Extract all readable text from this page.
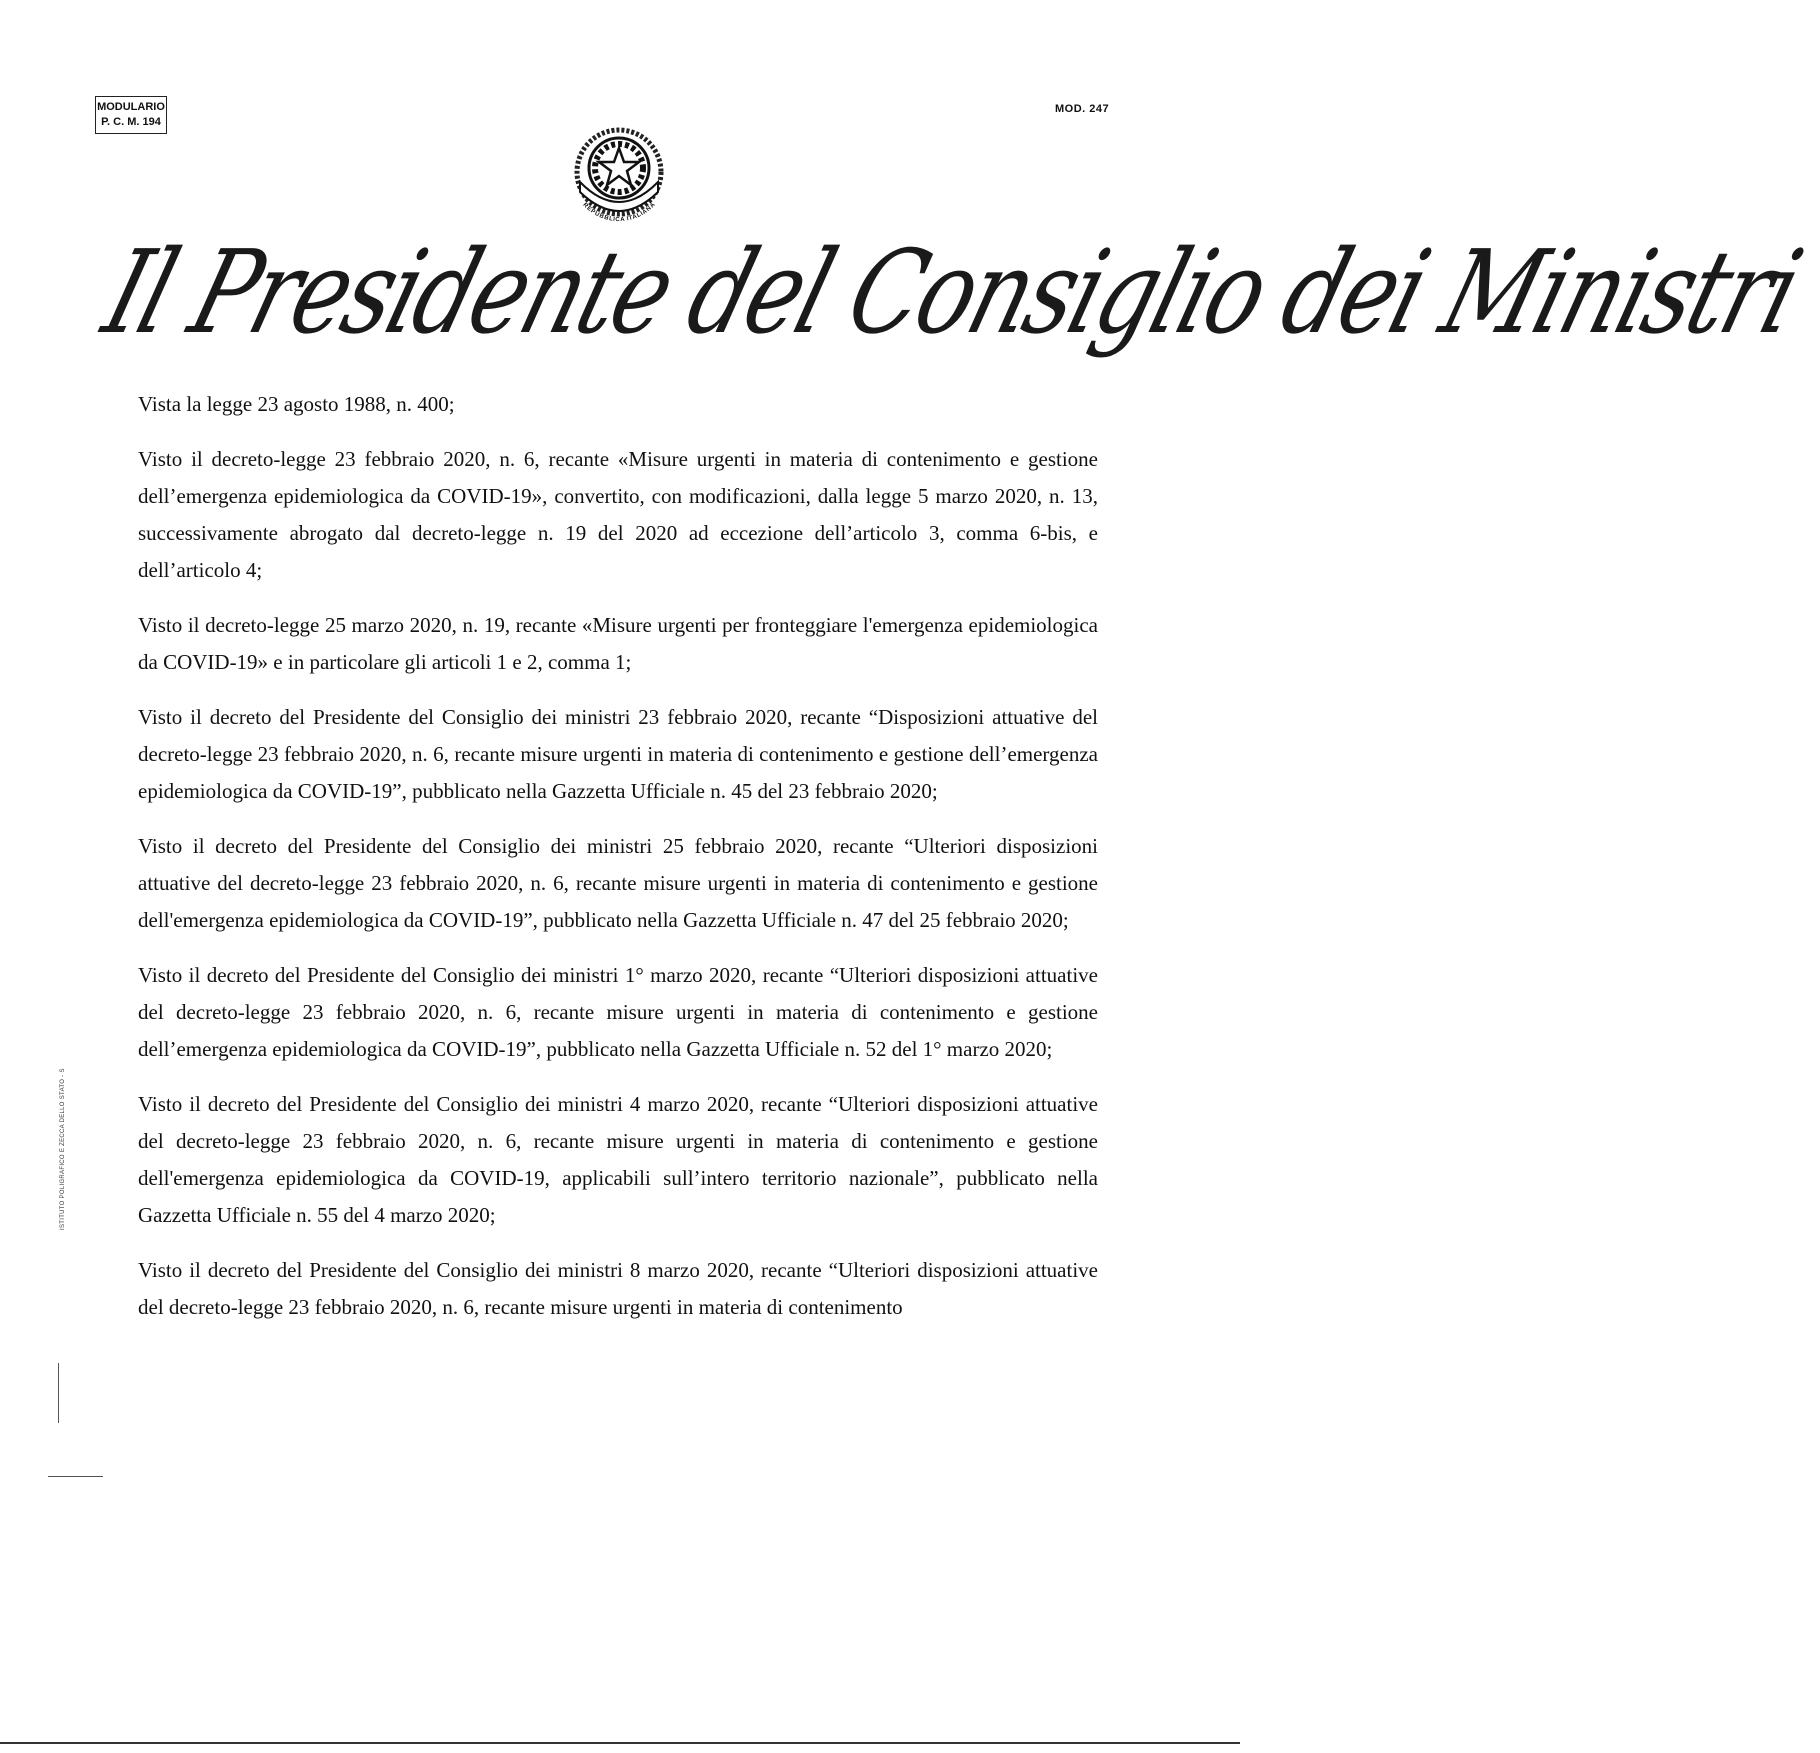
MODULARIO
P. C. M. 194
MOD. 247
REPUBBLICA ITALIANA
Il Presidente del Consiglio dei Ministri

Vista la legge 23 agosto 1988, n. 400;

Visto il decreto-legge 23 febbraio 2020, n. 6, recante «Misure urgenti in materia di contenimento e gestione dell’emergenza epidemiologica da COVID-19», convertito, con modificazioni, dalla legge 5 marzo 2020, n. 13, successivamente abrogato dal decreto-legge n. 19 del 2020 ad eccezione dell’articolo 3, comma 6-bis, e dell’articolo 4;

Visto il decreto-legge 25 marzo 2020, n. 19, recante «Misure urgenti per fronteggiare l'emergenza epidemiologica da COVID-19» e in particolare gli articoli 1 e 2, comma 1;

Visto il decreto del Presidente del Consiglio dei ministri 23 febbraio 2020, recante “Disposizioni attuative del decreto-legge 23 febbraio 2020, n. 6, recante misure urgenti in materia di contenimento e gestione dell’emergenza epidemiologica da COVID-19”, pubblicato nella Gazzetta Ufficiale n. 45 del 23 febbraio 2020;

Visto il decreto del Presidente del Consiglio dei ministri 25 febbraio 2020, recante “Ulteriori disposizioni attuative del decreto-legge 23 febbraio 2020, n. 6, recante misure urgenti in materia di contenimento e gestione dell'emergenza epidemiologica da COVID-19”, pubblicato nella Gazzetta Ufficiale n. 47 del 25 febbraio 2020;

Visto il decreto del Presidente del Consiglio dei ministri 1° marzo 2020, recante “Ulteriori disposizioni attuative del decreto-legge 23 febbraio 2020, n. 6, recante misure urgenti in materia di contenimento e gestione dell’emergenza epidemiologica da COVID-19”, pubblicato nella Gazzetta Ufficiale n. 52 del 1° marzo 2020;

Visto il decreto del Presidente del Consiglio dei ministri 4 marzo 2020, recante “Ulteriori disposizioni attuative del decreto-legge 23 febbraio 2020, n. 6, recante misure urgenti in materia di contenimento e gestione dell'emergenza epidemiologica da COVID-19, applicabili sull’intero territorio nazionale”, pubblicato nella Gazzetta Ufficiale n. 55 del 4 marzo 2020;

Visto il decreto del Presidente del Consiglio dei ministri 8 marzo 2020, recante “Ulteriori disposizioni attuative del decreto-legge 23 febbraio 2020, n. 6, recante misure urgenti in materia di contenimento

ISTITUTO POLIGRAFICO E ZECCA DELLO STATO - S
